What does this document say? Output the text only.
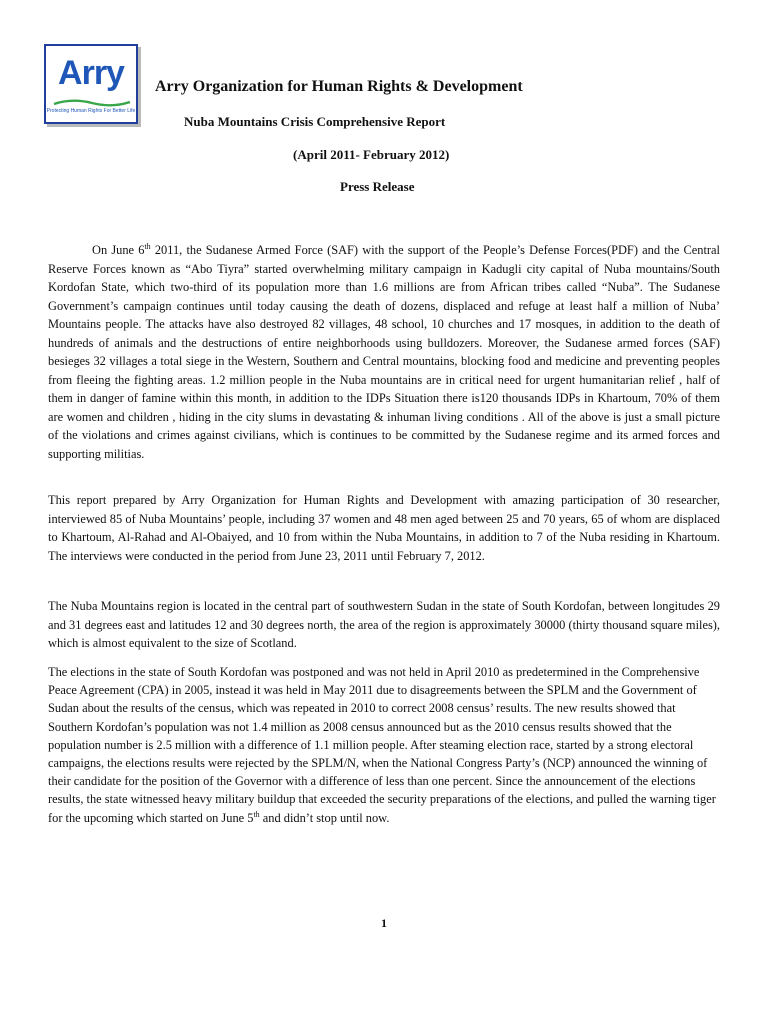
Arry
Protecting Human Rights For Better Life
Arry Organization for Human Rights & Development
Nuba Mountains Crisis Comprehensive Report
(April 2011- February 2012)
Press Release

On June 6th 2011, the Sudanese Armed Force (SAF) with the support of the People’s Defense Forces(PDF) and the Central Reserve Forces known as “Abo Tiyra” started overwhelming military campaign in Kadugli city capital of Nuba mountains/South Kordofan State, which two-third of its population more than 1.6 millions are from African tribes called “Nuba”. The Sudanese Government’s campaign continues until today causing the death of dozens, displaced and refuge at least half a million of Nuba’ Mountains people. The attacks have also destroyed 82 villages, 48 school, 10 churches and 17 mosques, in addition to the death of hundreds of animals and the destructions of entire neighborhoods using bulldozers. Moreover, the Sudanese armed forces (SAF) besieges 32 villages a total siege in the Western, Southern and Central mountains, blocking food and medicine and preventing peoples from fleeing the fighting areas. 1.2 million people in the Nuba mountains are in critical need for urgent humanitarian relief , half of them in danger of famine within this month, in addition to the IDPs Situation there is120 thousands IDPs in Khartoum, 70% of them are women and children , hiding in the city slums in devastating & inhuman living conditions . All of the above is just a small picture of the violations and crimes against civilians, which is continues to be committed by the Sudanese regime and its armed forces and supporting militias.

This report prepared by Arry Organization for Human Rights and Development with amazing participation of 30 researcher, interviewed 85 of Nuba Mountains’ people, including 37 women and 48 men aged between 25 and 70 years, 65 of whom are displaced to Khartoum, Al-Rahad and Al-Obaiyed, and 10 from within the Nuba Mountains, in addition to 7 of the Nuba residing in Khartoum. The interviews were conducted in the period from June 23, 2011 until February 7, 2012.

The Nuba Mountains region is located in the central part of southwestern Sudan in the state of South Kordofan, between longitudes 29 and 31 degrees east and latitudes 12 and 30 degrees north, the area of the region is approximately 30000 (thirty thousand square miles), which is almost equivalent to the size of Scotland.

The elections in the state of South Kordofan was postponed and was not held in April 2010 as predetermined in the Comprehensive Peace Agreement (CPA) in 2005, instead it was held in May 2011 due to disagreements between the SPLM and the Government of Sudan about the results of the census, which was repeated in 2010 to correct 2008 census’ results. The new results showed that Southern Kordofan’s population was not 1.4 million as 2008 census announced but as the 2010 census results showed that the population number is 2.5 million with a difference of 1.1 million people. After steaming election race, started by a strong electoral campaigns, the elections results were rejected by the SPLM/N, when the National Congress Party’s (NCP) announced the winning of their candidate for the position of the Governor with a difference of less than one percent. Since the announcement of the elections results, the state witnessed heavy military buildup that exceeded the security preparations of the elections, and pulled the warning tiger for the upcoming which started on June 5th and didn’t stop until now.

1
